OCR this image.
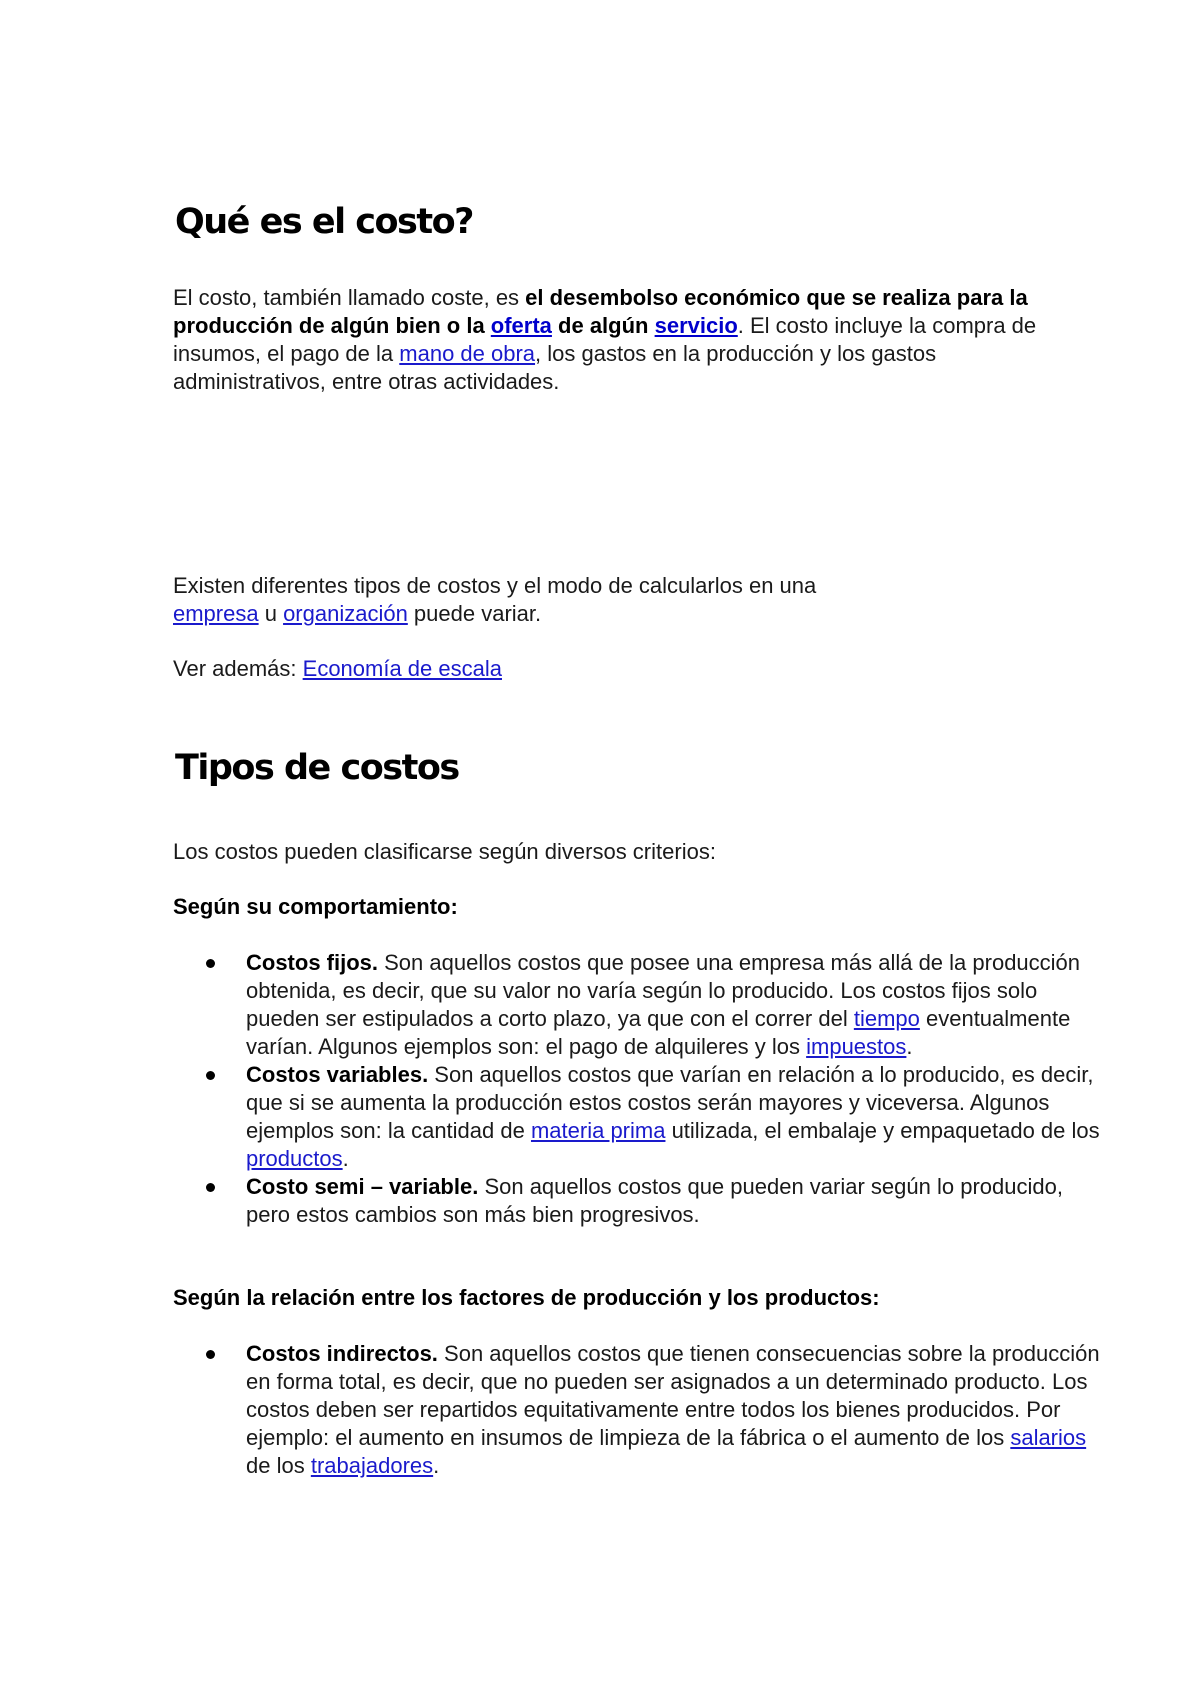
Qué es el costo?

El costo, también llamado coste, es el desembolso económico que se realiza para la producción de algún bien o la oferta de algún servicio. El costo incluye la compra de insumos, el pago de la mano de obra, los gastos en la producción y los gastos administrativos, entre otras actividades.

Existen diferentes tipos de costos y el modo de calcularlos en una empresa u organización puede variar.

Ver además: Economía de escala

Tipos de costos

Los costos pueden clasificarse según diversos criterios:

Según su comportamiento:

Costos fijos. Son aquellos costos que posee una empresa más allá de la producción obtenida, es decir, que su valor no varía según lo producido. Los costos fijos solo pueden ser estipulados a corto plazo, ya que con el correr del tiempo eventualmente varían. Algunos ejemplos son: el pago de alquileres y los impuestos.
Costos variables. Son aquellos costos que varían en relación a lo producido, es decir, que si se aumenta la producción estos costos serán mayores y viceversa. Algunos ejemplos son: la cantidad de materia prima utilizada, el embalaje y empaquetado de los productos.
Costo semi – variable. Son aquellos costos que pueden variar según lo producido, pero estos cambios son más bien progresivos.

Según la relación entre los factores de producción y los productos:

Costos indirectos. Son aquellos costos que tienen consecuencias sobre la producción en forma total, es decir, que no pueden ser asignados a un determinado producto. Los costos deben ser repartidos equitativamente entre todos los bienes producidos. Por ejemplo: el aumento en insumos de limpieza de la fábrica o el aumento de los salarios de los trabajadores.
